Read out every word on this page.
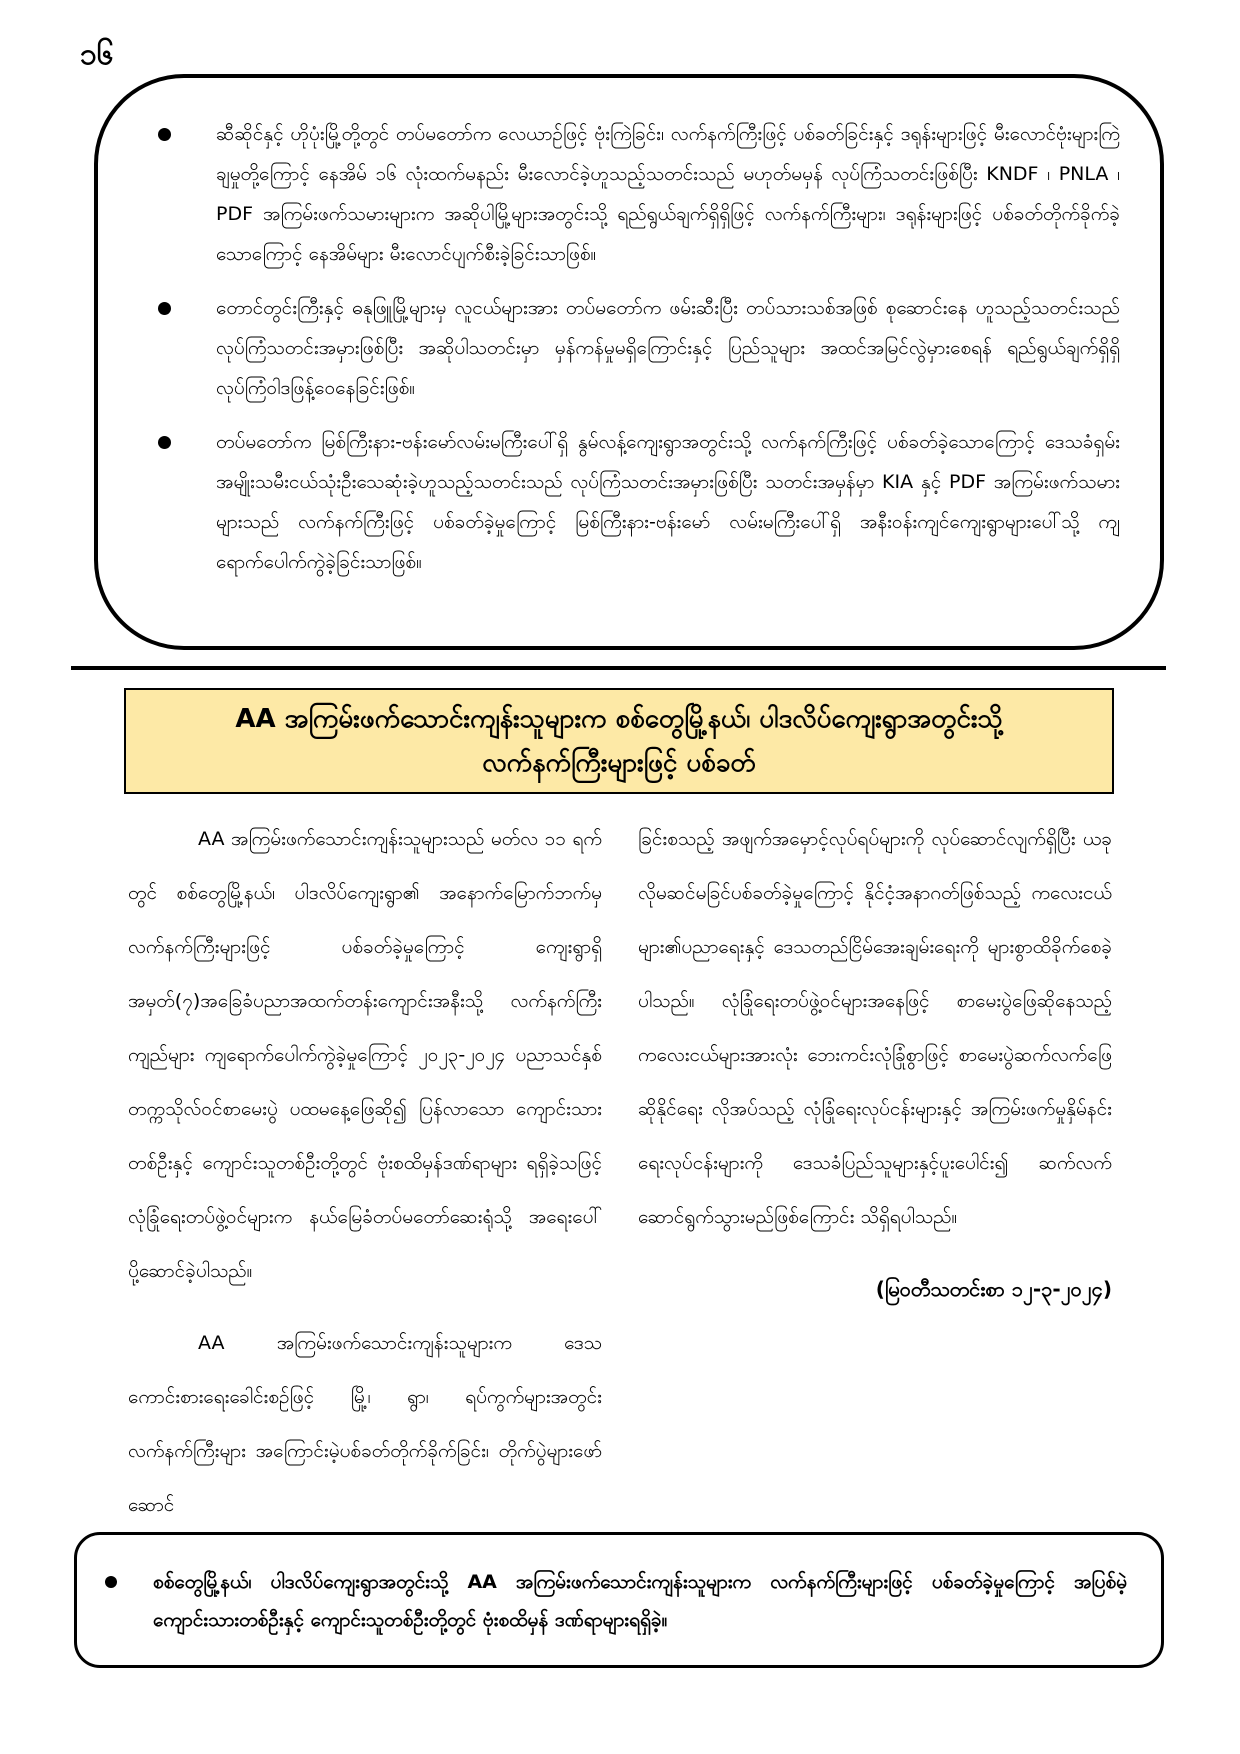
၁၆
ဆီဆိုင်နှင့် ဟိုပုံးမြို့တို့တွင် တပ်မတော်က လေယာဉ်ဖြင့် ဗုံးကြဲခြင်း၊ လက်နက်ကြီးဖြင့် ပစ်ခတ်ခြင်းနှင့် ဒရုန်းများဖြင့် မီးလောင်ဗုံးများကြဲချမှုတို့ကြောင့် နေအိမ် ၁၆ လုံးထက်မနည်း မီးလောင်ခဲ့ဟူသည့်သတင်းသည် မဟုတ်မမှန် လုပ်ကြံသတင်းဖြစ်ပြီး KNDF ၊ PNLA ၊ PDF အကြမ်းဖက်သမားများက အဆိုပါမြို့များအတွင်းသို့ ရည်ရွယ်ချက်ရှိရှိဖြင့် လက်နက်ကြီးများ၊ ဒရုန်းများဖြင့် ပစ်ခတ်တိုက်ခိုက်ခဲ့သောကြောင့် နေအိမ်များ မီးလောင်ပျက်စီးခဲ့ခြင်းသာဖြစ်။
တောင်တွင်းကြီးနှင့် ဓနုဖြူမြို့များမှ လူငယ်များအား တပ်မတော်က ဖမ်းဆီးပြီး တပ်သားသစ်အဖြစ် စုဆောင်းနေ ဟူသည့်သတင်းသည် လုပ်ကြံသတင်းအမှားဖြစ်ပြီး အဆိုပါသတင်းမှာ မှန်ကန်မှုမရှိကြောင်းနှင့် ပြည်သူများ အထင်အမြင်လွဲမှားစေရန် ရည်ရွယ်ချက်ရှိရှိ လုပ်ကြံဝါဒဖြန့်ဝေနေခြင်းဖြစ်။
တပ်မတော်က မြစ်ကြီးနား-ဗန်းမော်လမ်းမကြီးပေါ်ရှိ နွမ်လန့်ကျေးရွာအတွင်းသို့ လက်နက်ကြီးဖြင့် ပစ်ခတ်ခဲ့သောကြောင့် ဒေသခံရှမ်းအမျိုးသမီးငယ်သုံးဦးသေဆုံးခဲ့ဟူသည့်သတင်းသည် လုပ်ကြံသတင်းအမှားဖြစ်ပြီး သတင်းအမှန်မှာ KIA နှင့် PDF အကြမ်းဖက်သမားများသည် လက်နက်ကြီးဖြင့် ပစ်ခတ်ခဲ့မှုကြောင့် မြစ်ကြီးနား-ဗန်းမော် လမ်းမကြီးပေါ်ရှိ အနီးဝန်းကျင်ကျေးရွာများပေါ်သို့ ကျရောက်ပေါက်ကွဲခဲ့ခြင်းသာဖြစ်။
AA အကြမ်းဖက်သောင်းကျန်းသူများက စစ်တွေမြို့နယ်၊ ပါဒလိပ်ကျေးရွာအတွင်းသို့
လက်နက်ကြီးများဖြင့် ပစ်ခတ်

AA အကြမ်းဖက်သောင်းကျန်းသူများသည် မတ်လ ၁၁ ရက်တွင် စစ်တွေမြို့နယ်၊ ပါဒလိပ်ကျေးရွာ၏ အနောက်မြောက်ဘက်မှ လက်နက်ကြီးများဖြင့် ပစ်ခတ်ခဲ့မှုကြောင့် ကျေးရွာရှိ အမှတ်(၇)အခြေခံပညာအထက်တန်းကျောင်းအနီးသို့ လက်နက်ကြီးကျည်များ ကျရောက်ပေါက်ကွဲခဲ့မှုကြောင့် ၂၀၂၃-၂၀၂၄ ပညာသင်နှစ် တက္ကသိုလ်ဝင်စာမေးပွဲ ပထမနေ့ဖြေဆို၍ ပြန်လာသော ကျောင်းသားတစ်ဦးနှင့် ကျောင်းသူတစ်ဦးတို့တွင် ဗုံးစထိမှန်ဒဏ်ရာများ ရရှိခဲ့သဖြင့် လုံခြုံရေးတပ်ဖွဲ့ဝင်များက နယ်မြေခံတပ်မတော်ဆေးရုံသို့ အရေးပေါ်ပို့ဆောင်ခဲ့ပါသည်။

AA အကြမ်းဖက်သောင်းကျန်းသူများက ဒေသကောင်းစားရေးခေါင်းစဉ်ဖြင့် မြို့၊ ရွာ၊ ရပ်ကွက်များအတွင်း လက်နက်ကြီးများ အကြောင်းမဲ့ပစ်ခတ်တိုက်ခိုက်ခြင်း၊ တိုက်ပွဲများဖော်ဆောင်

ခြင်းစသည့် အဖျက်အမှောင့်လုပ်ရပ်များကို လုပ်ဆောင်လျက်ရှိပြီး ယခုလိုမဆင်မခြင်ပစ်ခတ်ခဲ့မှုကြောင့် နိုင်ငံ့အနာဂတ်ဖြစ်သည့် ကလေးငယ်များ၏ပညာရေးနှင့် ဒေသတည်ငြိမ်အေးချမ်းရေးကို များစွာထိခိုက်စေခဲ့ပါသည်။ လုံခြုံရေးတပ်ဖွဲ့ဝင်များအနေဖြင့် စာမေးပွဲဖြေဆိုနေသည့် ကလေးငယ်များအားလုံး ဘေးကင်းလုံခြုံစွာဖြင့် စာမေးပွဲဆက်လက်ဖြေဆိုနိုင်ရေး လိုအပ်သည့် လုံခြုံရေးလုပ်ငန်းများနှင့် အကြမ်းဖက်မှုနှိမ်နင်းရေးလုပ်ငန်းများကို ဒေသခံပြည်သူများနှင့်ပူးပေါင်း၍ ဆက်လက်ဆောင်ရွက်သွားမည်ဖြစ်ကြောင်း သိရှိရပါသည်။

(မြဝတီသတင်းစာ ၁၂-၃-၂၀၂၄)
စစ်တွေမြို့နယ်၊ ပါဒလိပ်ကျေးရွာအတွင်းသို့ AA အကြမ်းဖက်သောင်းကျန်းသူများက လက်နက်ကြီးများဖြင့် ပစ်ခတ်ခဲ့မှုကြောင့် အပြစ်မဲ့ကျောင်းသားတစ်ဦးနှင့် ကျောင်းသူတစ်ဦးတို့တွင် ဗုံးစထိမှန် ဒဏ်ရာများရရှိခဲ့။
